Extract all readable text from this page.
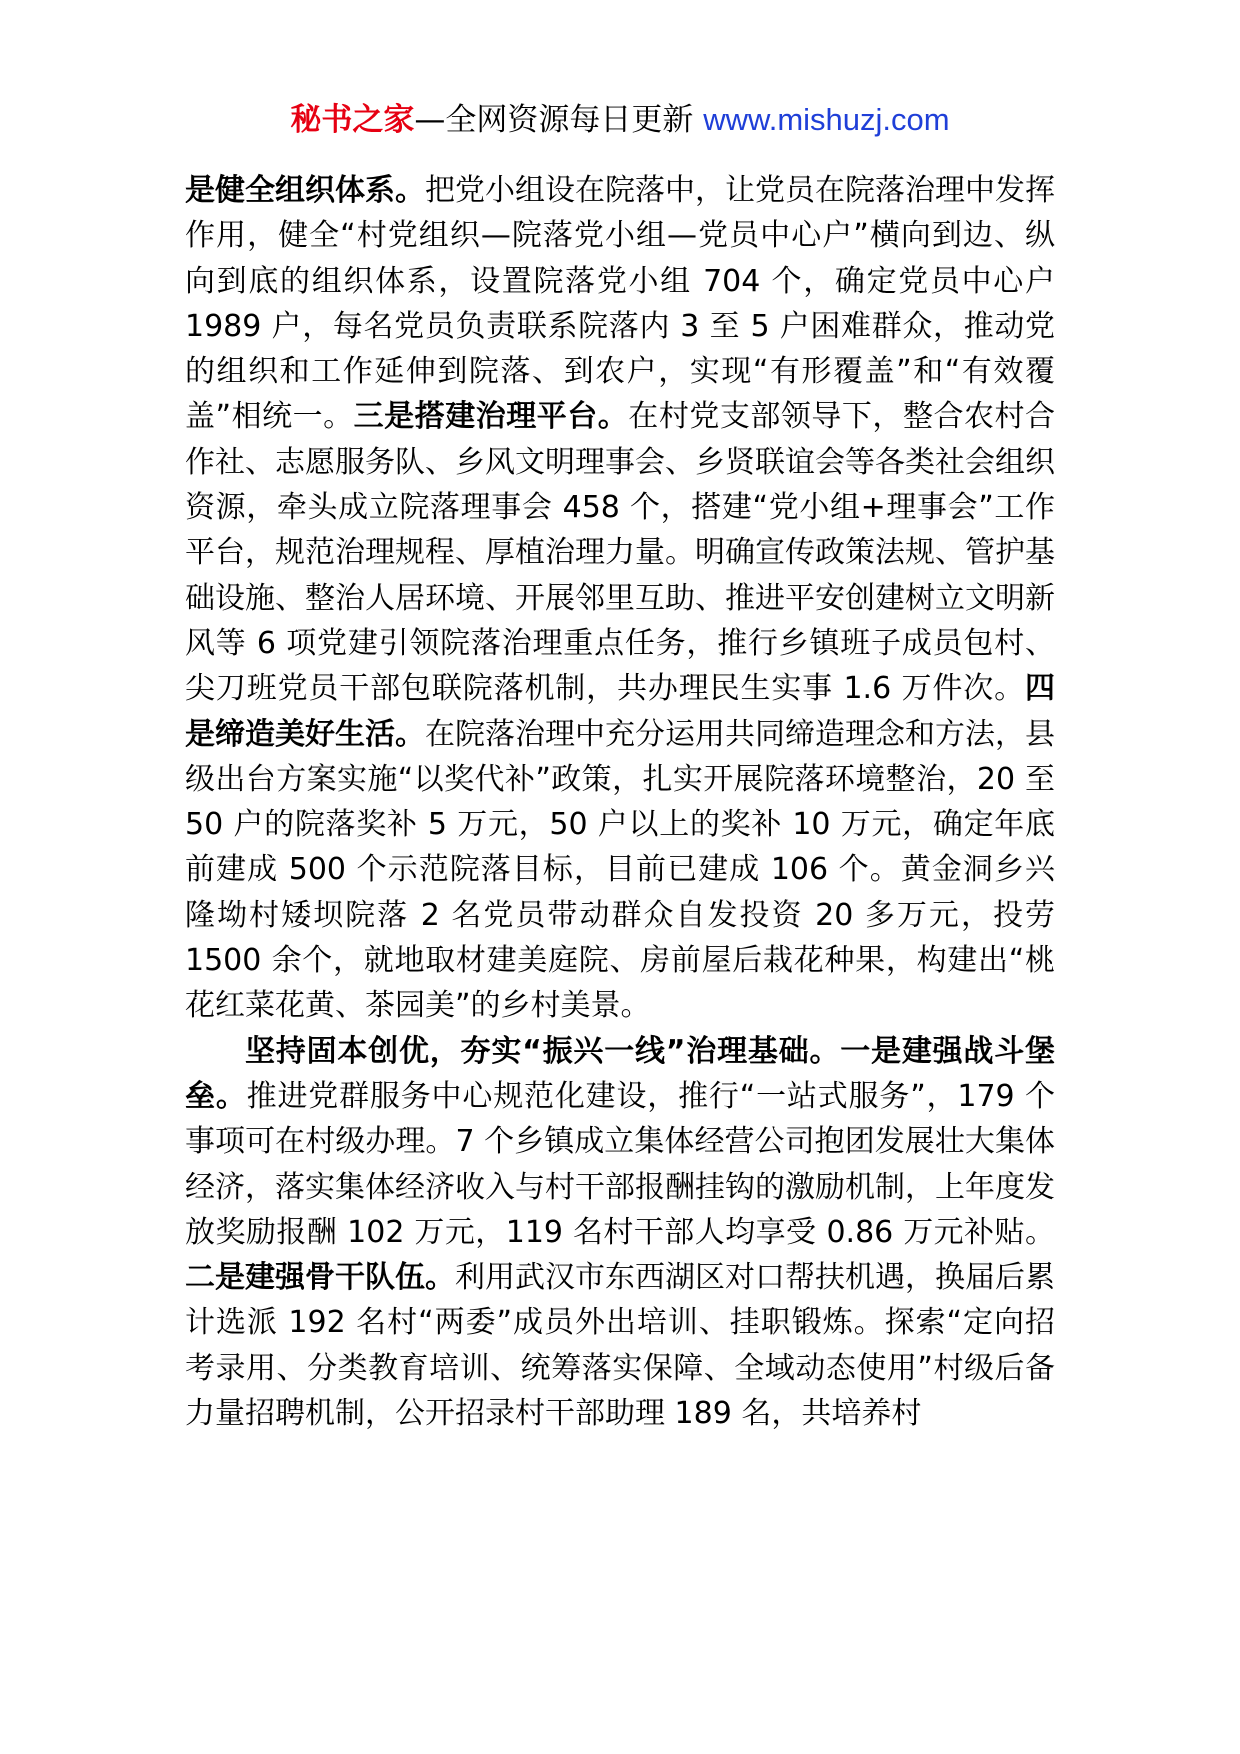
秘书之家—全网资源每日更新 www.mishuzj.com

是健全组织体系。把党小组设在院落中，让党员在院落治理中发挥作用，健全“村党组织—院落党小组—党员中心户”横向到边、纵向到底的组织体系，设置院落党小组 704 个，确定党员中心户 1989 户，每名党员负责联系院落内 3 至 5 户困难群众，推动党的组织和工作延伸到院落、到农户，实现“有形覆盖”和“有效覆盖”相统一。三是搭建治理平台。在村党支部领导下，整合农村合作社、志愿服务队、乡风文明理事会、乡贤联谊会等各类社会组织资源，牵头成立院落理事会 458 个，搭建“党小组+理事会”工作平台，规范治理规程、厚植治理力量。明确宣传政策法规、管护基础设施、整治人居环境、开展邻里互助、推进平安创建树立文明新风等 6 项党建引领院落治理重点任务，推行乡镇班子成员包村、尖刀班党员干部包联院落机制，共办理民生实事 1.6 万件次。四是缔造美好生活。在院落治理中充分运用共同缔造理念和方法，县级出台方案实施“以奖代补”政策，扎实开展院落环境整治，20 至 50 户的院落奖补 5 万元，50 户以上的奖补 10 万元，确定年底前建成 500 个示范院落目标，目前已建成 106 个。黄金洞乡兴隆坳村矮坝院落 2 名党员带动群众自发投资 20 多万元，投劳 1500 余个，就地取材建美庭院、房前屋后栽花种果，构建出“桃花红菜花黄、茶园美”的乡村美景。

坚持固本创优，夯实“振兴一线”治理基础。一是建强战斗堡垒。推进党群服务中心规范化建设，推行“一站式服务”，179 个事项可在村级办理。7 个乡镇成立集体经营公司抱团发展壮大集体经济，落实集体经济收入与村干部报酬挂钩的激励机制，上年度发放奖励报酬 102 万元，119 名村干部人均享受 0.86 万元补贴。二是建强骨干队伍。利用武汉市东西湖区对口帮扶机遇，换届后累计选派 192 名村“两委”成员外出培训、挂职锻炼。探索“定向招考录用、分类教育培训、统筹落实保障、全域动态使用”村级后备力量招聘机制，公开招录村干部助理 189 名，共培养村
